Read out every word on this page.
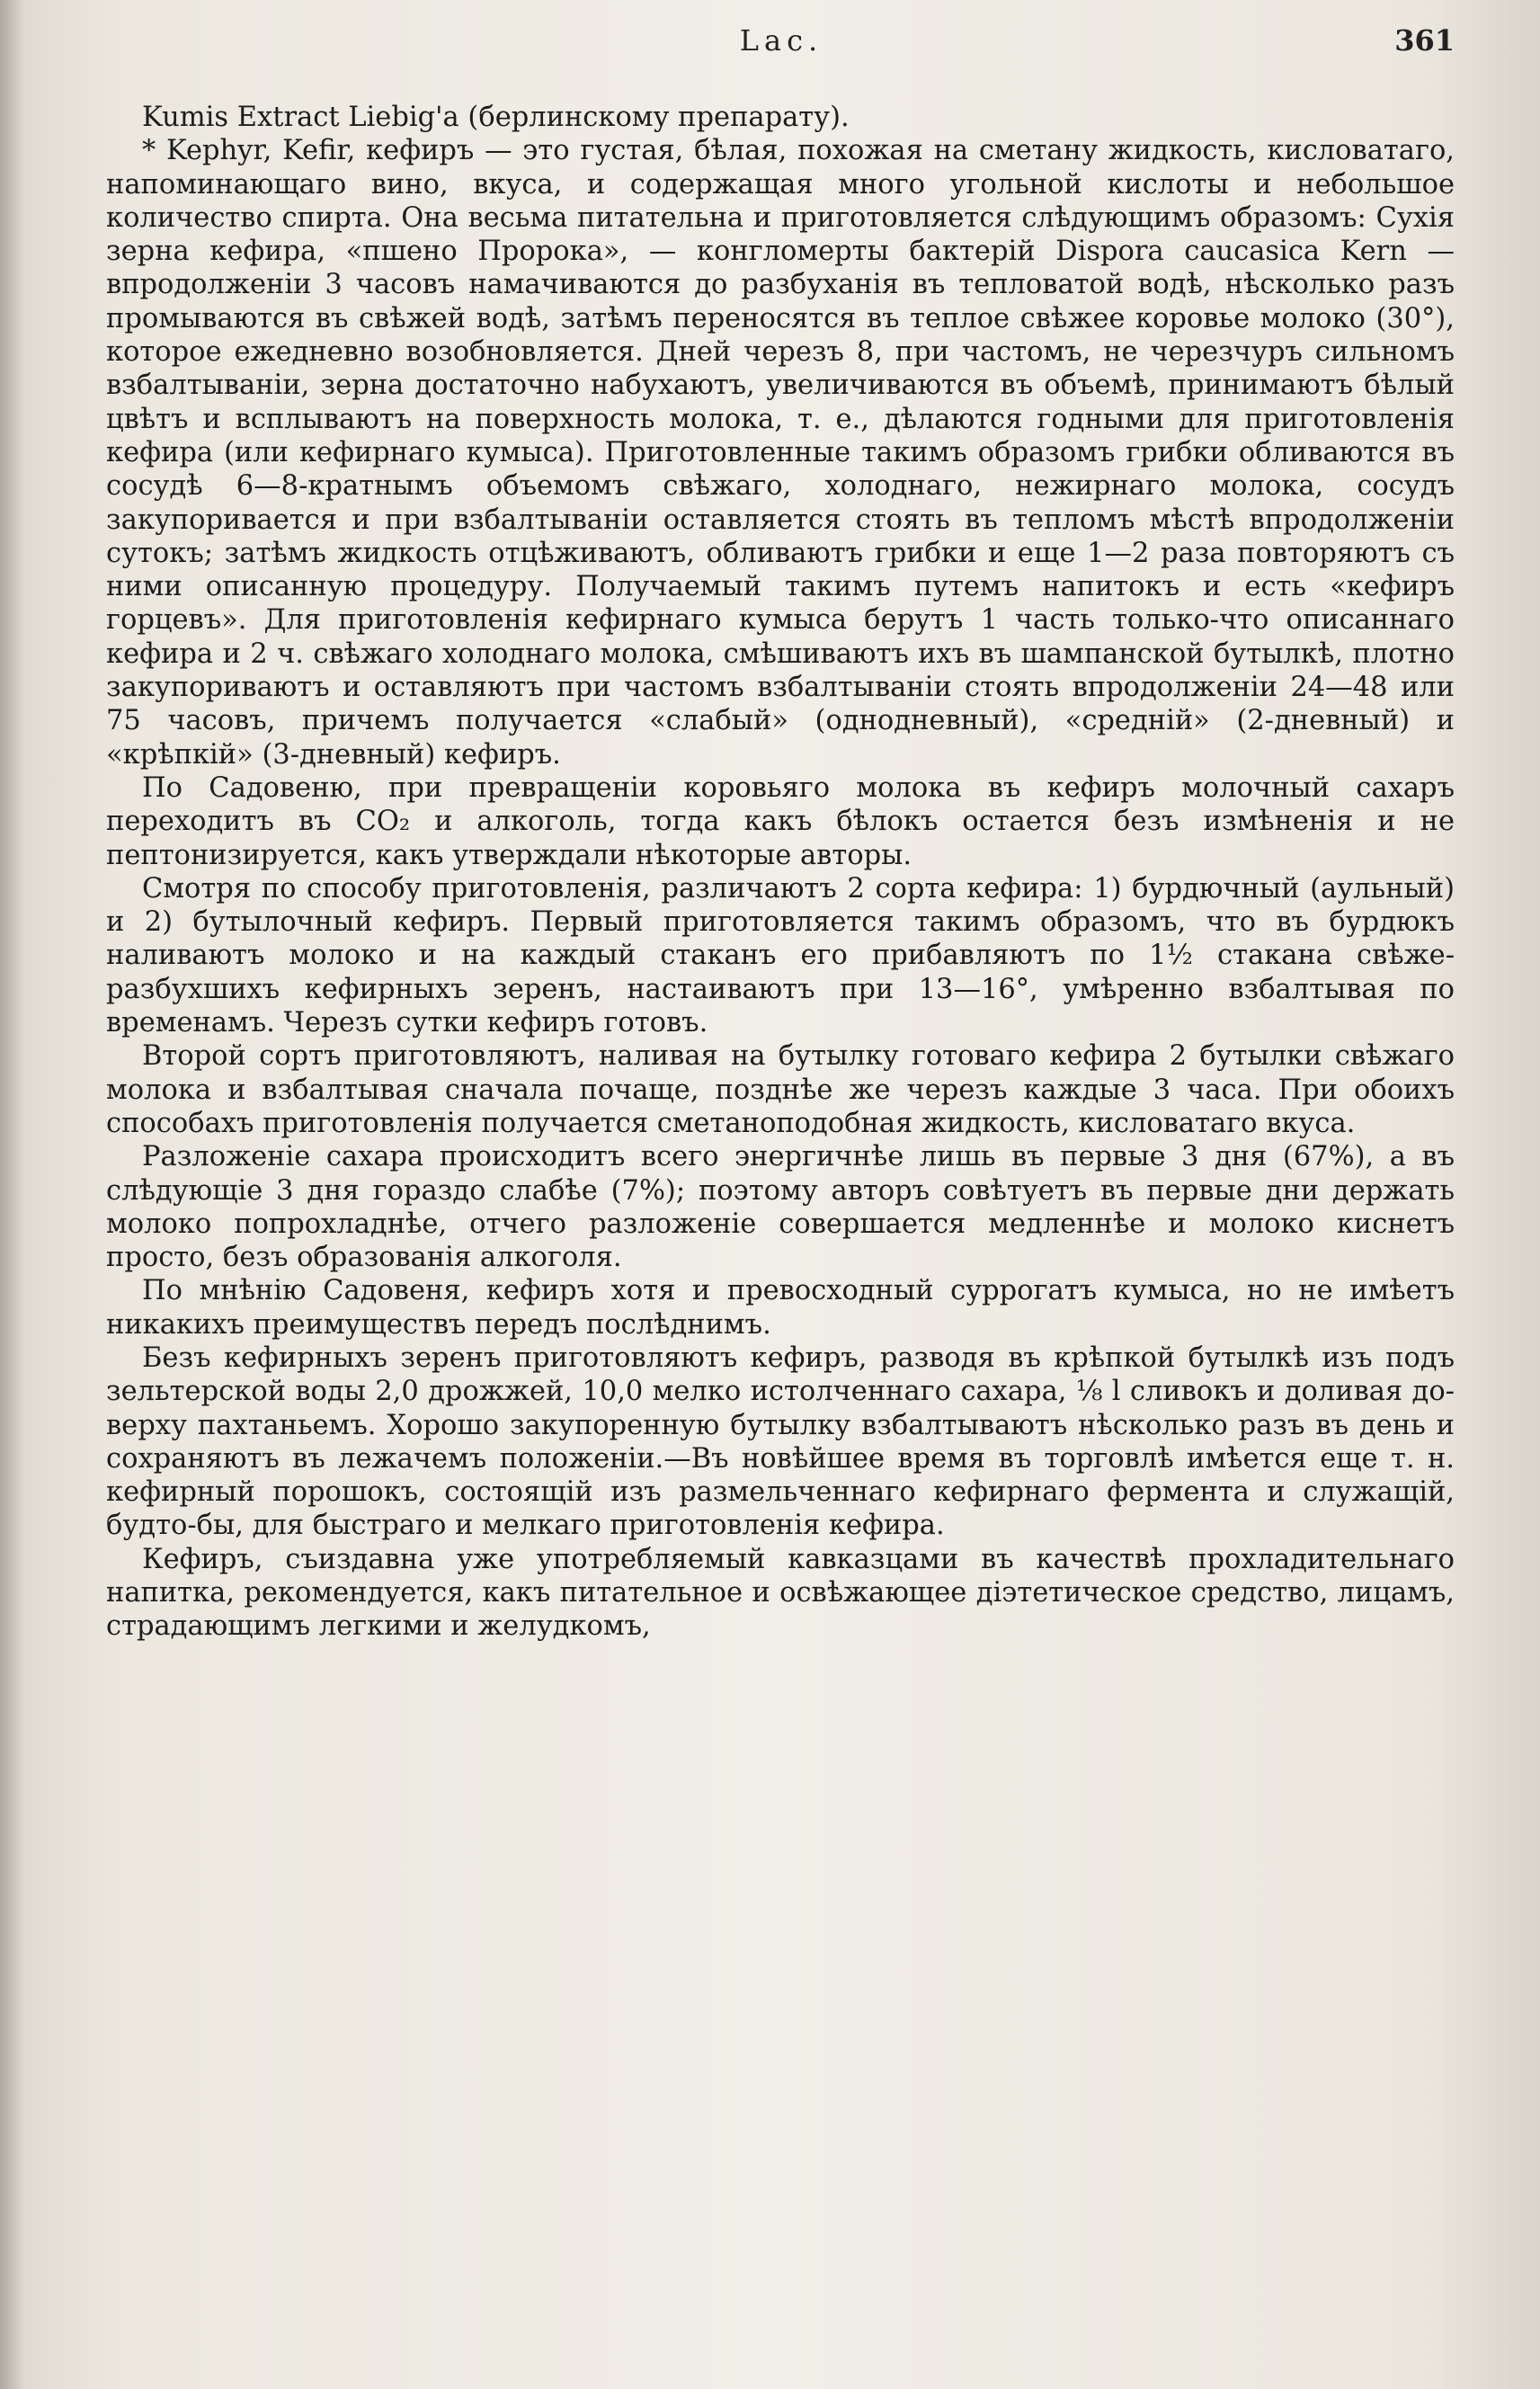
Lac.	361

Kumis Extract Liebig'a (берлинскому препарату).

* Kephyr, Kefir, кефиръ — это густая, бѣлая, похожая на сметану жидкость, кисловатаго, напоминающаго вино, вкуса, и содержащая много угольной кислоты и небольшое количество спирта. Она весьма питательна и приготовляется слѣдующимъ образомъ: Сухія зерна кефира, «пшено Пророка», — конгломерты бактерій Dispora caucasica Kern — впродолженіи 3 часовъ намачиваются до разбуханія въ тепловатой водѣ, нѣсколько разъ промываются въ свѣжей водѣ, затѣмъ переносятся въ теплое свѣжее коровье молоко (30°), которое ежедневно возобновляется. Дней черезъ 8, при частомъ, не черезчуръ сильномъ взбалтываніи, зерна достаточно набухаютъ, увеличиваются въ объемѣ, принимаютъ бѣлый цвѣтъ и всплываютъ на поверхность молока, т. е., дѣлаются годными для приготовленія кефира (или кефирнаго кумыса). Приготовленные такимъ образомъ грибки обливаются въ сосудѣ 6—8-кратнымъ объемомъ свѣжаго, холоднаго, нежирнаго молока, сосудъ закупоривается и при взбалтываніи оставляется стоять въ тепломъ мѣстѣ впродолженіи сутокъ; затѣмъ жидкость отцѣживаютъ, обливаютъ грибки и еще 1—2 раза повторяютъ съ ними описанную процедуру. Получаемый такимъ путемъ напитокъ и есть «кефиръ горцевъ». Для приготовленія кефирнаго кумыса берутъ 1 часть только-что описаннаго кефира и 2 ч. свѣжаго холоднаго молока, смѣшиваютъ ихъ въ шампанской бутылкѣ, плотно закупориваютъ и оставляютъ при частомъ взбалтываніи стоять впродолженіи 24—48 или 75 часовъ, причемъ получается «слабый» (однодневный), «средній» (2-дневный) и «крѣпкій» (3-дневный) кефиръ.

По Садовеню, при превращеніи коровьяго молока въ кефиръ молочный сахаръ переходитъ въ CO₂ и алкоголь, тогда какъ бѣлокъ остается безъ измѣненія и не пептонизируется, какъ утверждали нѣкоторые авторы.

Смотря по способу приготовленія, различаютъ 2 сорта кефира: 1) бурдючный (аульный) и 2) бутылочный кефиръ. Первый приготовляется такимъ образомъ, что въ бурдюкъ наливаютъ молоко и на каждый стаканъ его прибавляютъ по 1½ стакана свѣже-разбухшихъ кефирныхъ зеренъ, настаиваютъ при 13—16°, умѣренно взбалтывая по временамъ. Черезъ сутки кефиръ готовъ.

Второй сортъ приготовляютъ, наливая на бутылку готоваго кефира 2 бутылки свѣжаго молока и взбалтывая сначала почаще, позднѣе же черезъ каждые 3 часа. При обоихъ способахъ приготовленія получается сметаноподобная жидкость, кисловатаго вкуса.

Разложеніе сахара происходитъ всего энергичнѣе лишь въ первые 3 дня (67%), а въ слѣдующіе 3 дня гораздо слабѣе (7%); поэтому авторъ совѣтуетъ въ первые дни держать молоко попрохладнѣе, отчего разложеніе совершается медленнѣе и молоко киснетъ просто, безъ образованія алкоголя.

По мнѣнію Садовеня, кефиръ хотя и превосходный суррогатъ кумыса, но не имѣетъ никакихъ преимуществъ передъ послѣднимъ.

Безъ кефирныхъ зеренъ приготовляютъ кефиръ, разводя въ крѣпкой бутылкѣ изъ подъ зельтерской воды 2,0 дрожжей, 10,0 мелко истолченнаго сахара, ⅛ l сливокъ и доливая до-верху пахтаньемъ. Хорошо закупоренную бутылку взбалтываютъ нѣсколько разъ въ день и сохраняютъ въ лежачемъ положеніи.—Въ новѣйшее время въ торговлѣ имѣется еще т. н. кефирный порошокъ, состоящій изъ размельченнаго кефирнаго фермента и служащій, будто-бы, для быстраго и мелкаго приготовленія кефира.

Кефиръ, съиздавна уже употребляемый кавказцами въ качествѣ прохладительнаго напитка, рекомендуется, какъ питательное и освѣжающее діэтетическое средство, лицамъ, страдающимъ легкими и желудкомъ,
